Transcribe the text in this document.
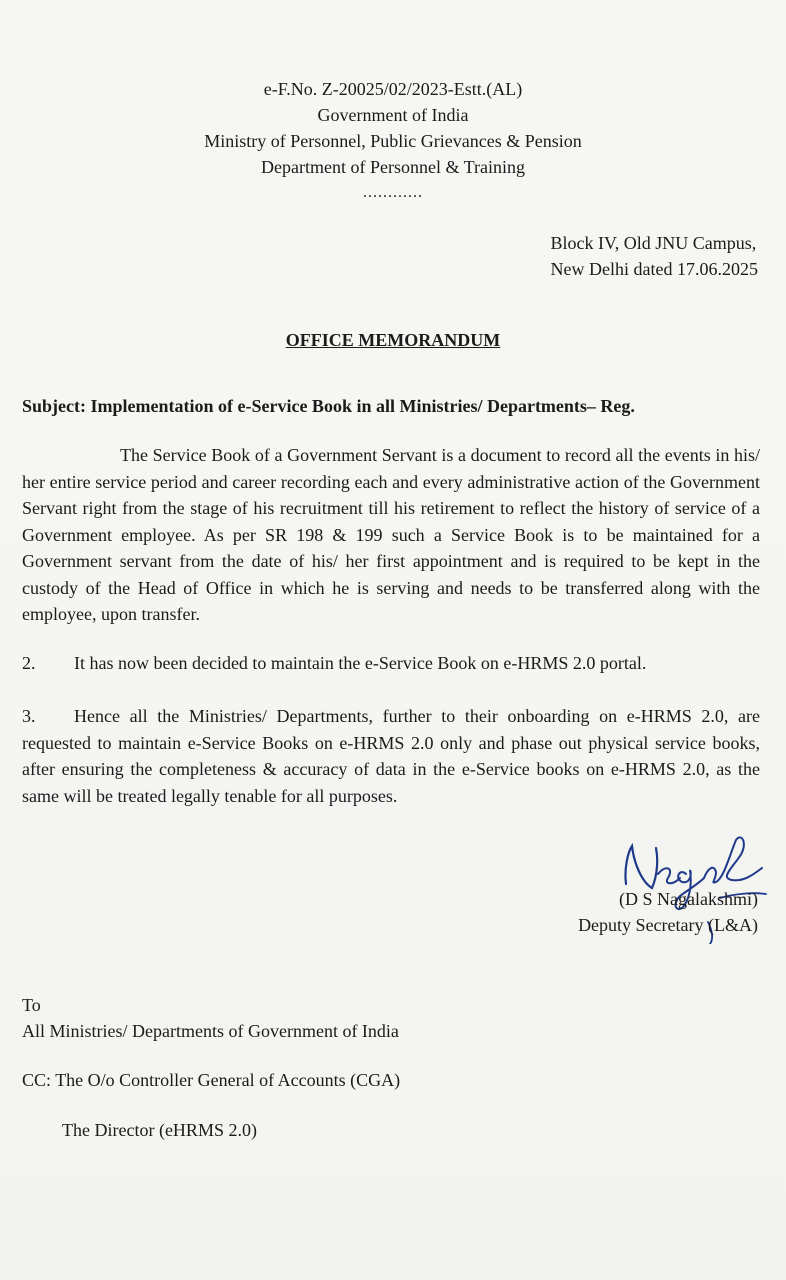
e-F.No. Z-20025/02/2023-Estt.(AL)
Government of India
Ministry of Personnel, Public Grievances & Pension
Department of Personnel & Training
............
Block IV, Old JNU Campus,
New Delhi dated 17.06.2025
OFFICE MEMORANDUM
Subject: Implementation of e-Service Book in all Ministries/ Departments– Reg.
The Service Book of a Government Servant is a document to record all the events in his/ her entire service period and career recording each and every administrative action of the Government Servant right from the stage of his recruitment till his retirement to reflect the history of service of a Government employee. As per SR 198 & 199 such a Service Book is to be maintained for a Government servant from the date of his/ her first appointment and is required to be kept in the custody of the Head of Office in which he is serving and needs to be transferred along with the employee, upon transfer.
2. It has now been decided to maintain the e-Service Book on e-HRMS 2.0 portal.
3. Hence all the Ministries/ Departments, further to their onboarding on e-HRMS 2.0, are requested to maintain e-Service Books on e-HRMS 2.0 only and phase out physical service books, after ensuring the completeness & accuracy of data in the e-Service books on e-HRMS 2.0, as the same will be treated legally tenable for all purposes.
(D S Nagalakshmi)
Deputy Secretary (L&A)
To
All Ministries/ Departments of Government of India
CC: The O/o Controller General of Accounts (CGA)
The Director (eHRMS 2.0)
